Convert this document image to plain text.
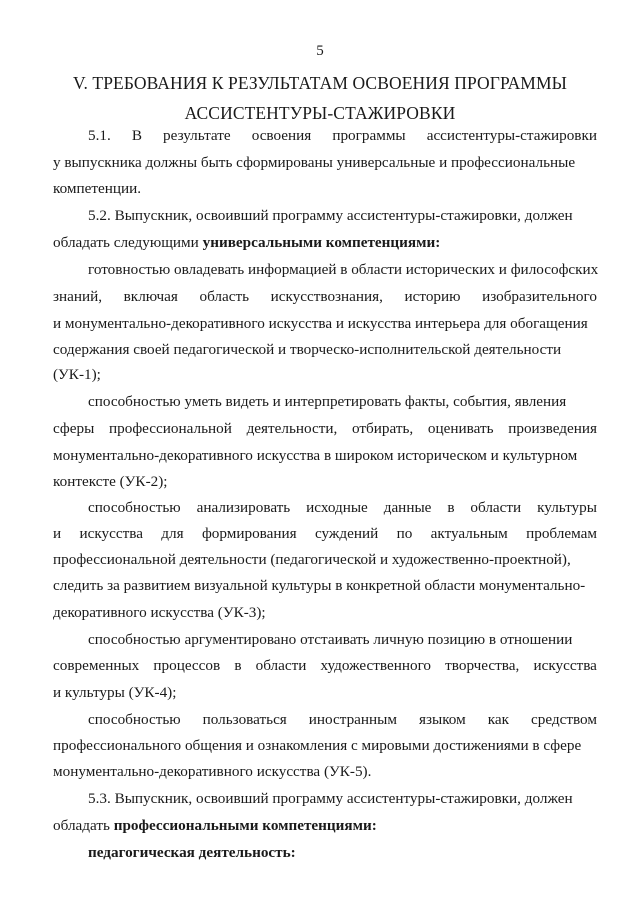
5
V. ТРЕБОВАНИЯ К РЕЗУЛЬТАТАМ ОСВОЕНИЯ ПРОГРАММЫ
АССИСТЕНТУРЫ-СТАЖИРОВКИ
5.1. В результате освоения программы ассистентуры-стажировки
у выпускника должны быть сформированы универсальные и профессиональные
компетенции.
5.2. Выпускник, освоивший программу ассистентуры-стажировки, должен
обладать следующими универсальными компетенциями:
готовностью овладевать информацией в области исторических и философских
знаний, включая область искусствознания, историю изобразительного
и монументально-декоративного искусства и искусства интерьера для обогащения
содержания своей педагогической и творческо-исполнительской деятельности
(УК-1);
способностью уметь видеть и интерпретировать факты, события, явления
сферы профессиональной деятельности, отбирать, оценивать произведения
монументально-декоративного искусства в широком историческом и культурном
контексте (УК-2);
способностью анализировать исходные данные в области культуры
и искусства для формирования суждений по актуальным проблемам
профессиональной деятельности (педагогической и художественно-проектной),
следить за развитием визуальной культуры в конкретной области монументально-
декоративного искусства (УК-3);
способностью аргументировано отстаивать личную позицию в отношении
современных процессов в области художественного творчества, искусства
и культуры (УК-4);
способностью пользоваться иностранным языком как средством
профессионального общения и ознакомления с мировыми достижениями в сфере
монументально-декоративного искусства (УК-5).
5.3. Выпускник, освоивший программу ассистентуры-стажировки, должен
обладать профессиональными компетенциями:
педагогическая деятельность:
